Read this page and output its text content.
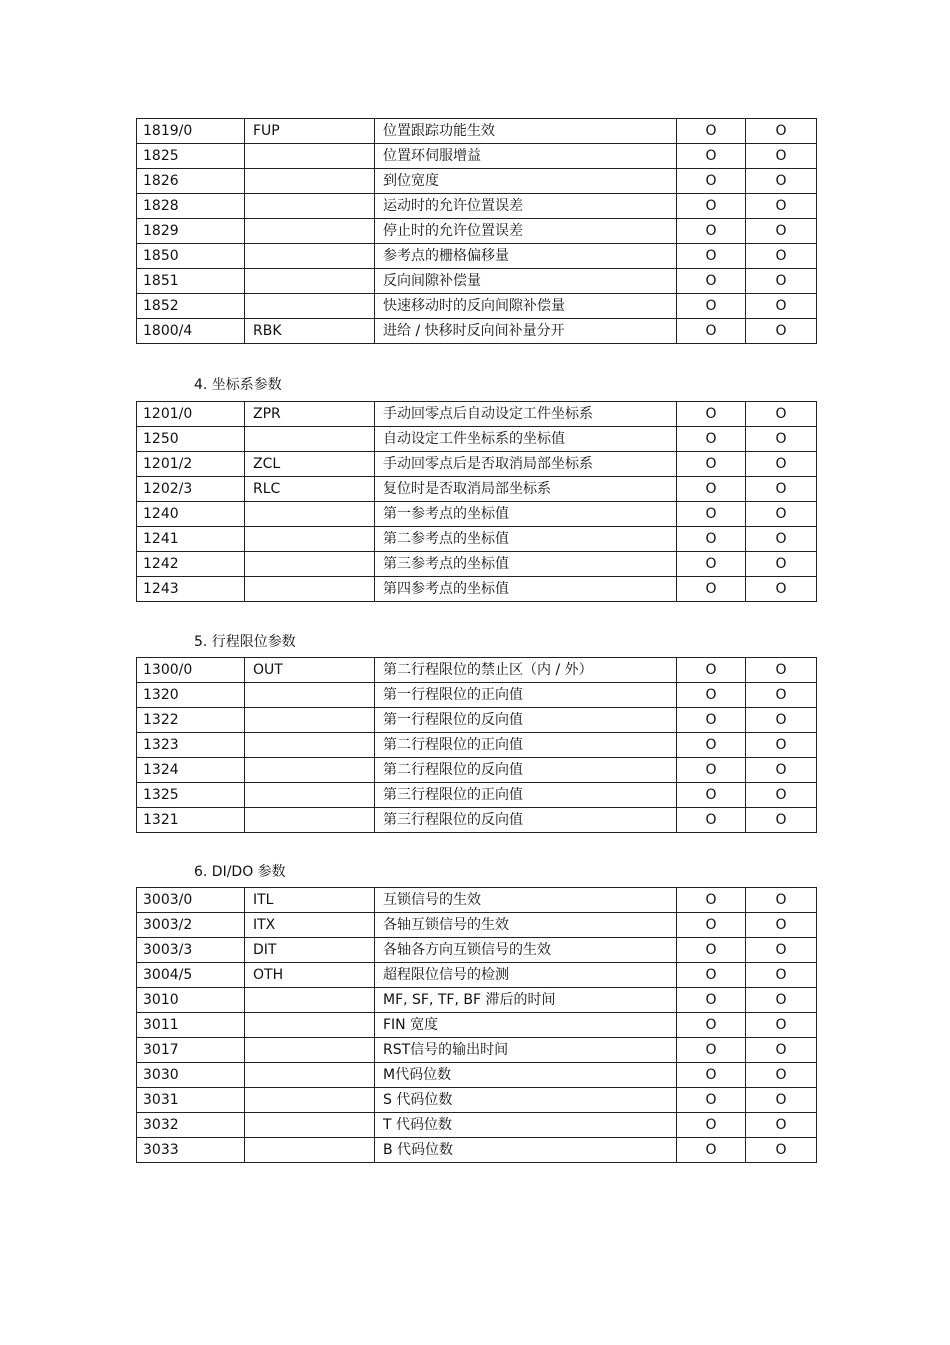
1819/0	FUP	位置跟踪功能生效	O	O
1825		位置环伺服增益	O	O
1826		到位宽度	O	O
1828		运动时的允许位置误差	O	O
1829		停止时的允许位置误差	O	O
1850		参考点的栅格偏移量	O	O
1851		反向间隙补偿量	O	O
1852		快速移动时的反向间隙补偿量	O	O
1800/4	RBK	进给 / 快移时反向间补量分开	O	O
4. 坐标系参数
1201/0	ZPR	手动回零点后自动设定工件坐标系	O	O
1250		自动设定工件坐标系的坐标值	O	O
1201/2	ZCL	手动回零点后是否取消局部坐标系	O	O
1202/3	RLC	复位时是否取消局部坐标系	O	O
1240		第一参考点的坐标值	O	O
1241		第二参考点的坐标值	O	O
1242		第三参考点的坐标值	O	O
1243		第四参考点的坐标值	O	O
5. 行程限位参数
1300/0	OUT	第二行程限位的禁止区（内 / 外）	O	O
1320		第一行程限位的正向值	O	O
1322		第一行程限位的反向值	O	O
1323		第二行程限位的正向值	O	O
1324		第二行程限位的反向值	O	O
1325		第三行程限位的正向值	O	O
1321		第三行程限位的反向值	O	O
6. DI/DO 参数
3003/0	ITL	互锁信号的生效	O	O
3003/2	ITX	各轴互锁信号的生效	O	O
3003/3	DIT	各轴各方向互锁信号的生效	O	O
3004/5	OTH	超程限位信号的检测	O	O
3010		MF, SF, TF, BF 滞后的时间	O	O
3011		FIN 宽度	O	O
3017		RST信号的输出时间	O	O
3030		M代码位数	O	O
3031		S 代码位数	O	O
3032		T 代码位数	O	O
3033		B 代码位数	O	O
